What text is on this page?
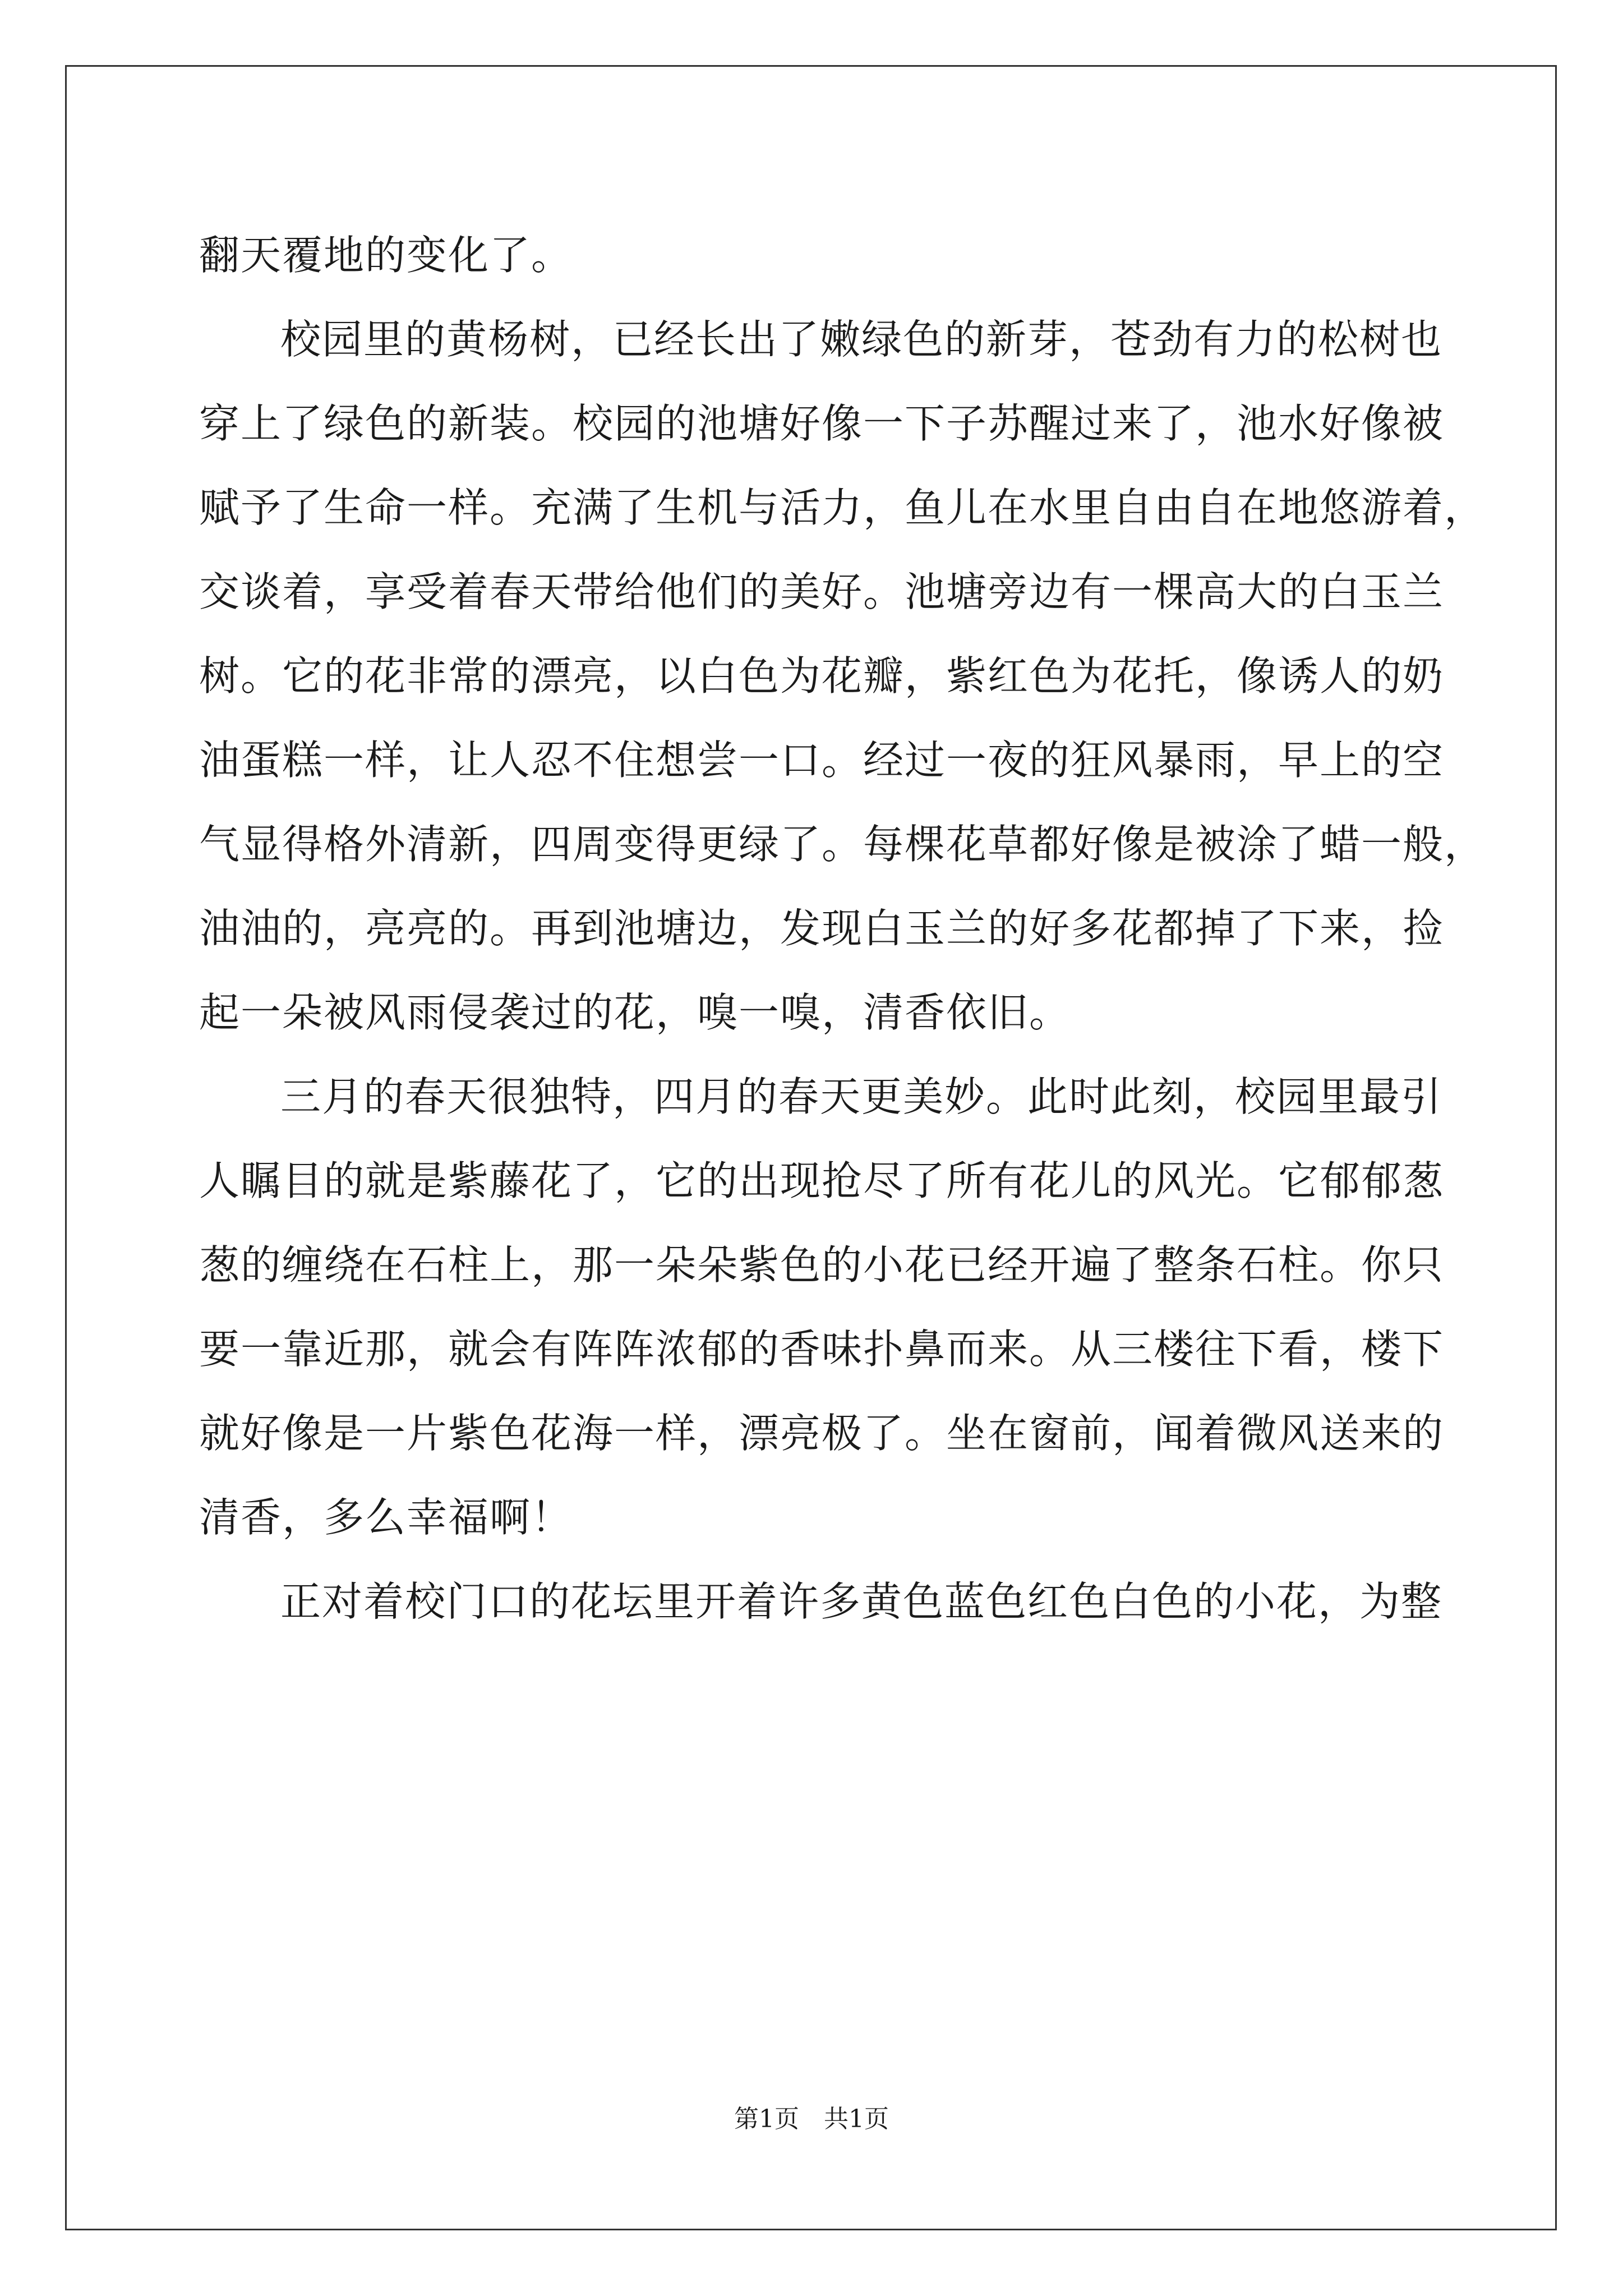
翻天覆地的变化了。
校园里的黄杨树，已经长出了嫩绿色的新芽，苍劲有力的松树也
穿上了绿色的新装。校园的池塘好像一下子苏醒过来了，池水好像被
赋予了生命一样。充满了生机与活力，鱼儿在水里自由自在地悠游着，
交谈着，享受着春天带给他们的美好。池塘旁边有一棵高大的白玉兰
树。它的花非常的漂亮，以白色为花瓣，紫红色为花托，像诱人的奶
油蛋糕一样，让人忍不住想尝一口。经过一夜的狂风暴雨，早上的空
气显得格外清新，四周变得更绿了。每棵花草都好像是被涂了蜡一般，
油油的，亮亮的。再到池塘边，发现白玉兰的好多花都掉了下来，捡
起一朵被风雨侵袭过的花，嗅一嗅，清香依旧。
三月的春天很独特，四月的春天更美妙。此时此刻，校园里最引
人瞩目的就是紫藤花了，它的出现抢尽了所有花儿的风光。它郁郁葱
葱的缠绕在石柱上，那一朵朵紫色的小花已经开遍了整条石柱。你只
要一靠近那，就会有阵阵浓郁的香味扑鼻而来。从三楼往下看，楼下
就好像是一片紫色花海一样，漂亮极了。坐在窗前，闻着微风送来的
清香，多么幸福啊！
正对着校门口的花坛里开着许多黄色蓝色红色白色的小花，为整
第1页　共1页
